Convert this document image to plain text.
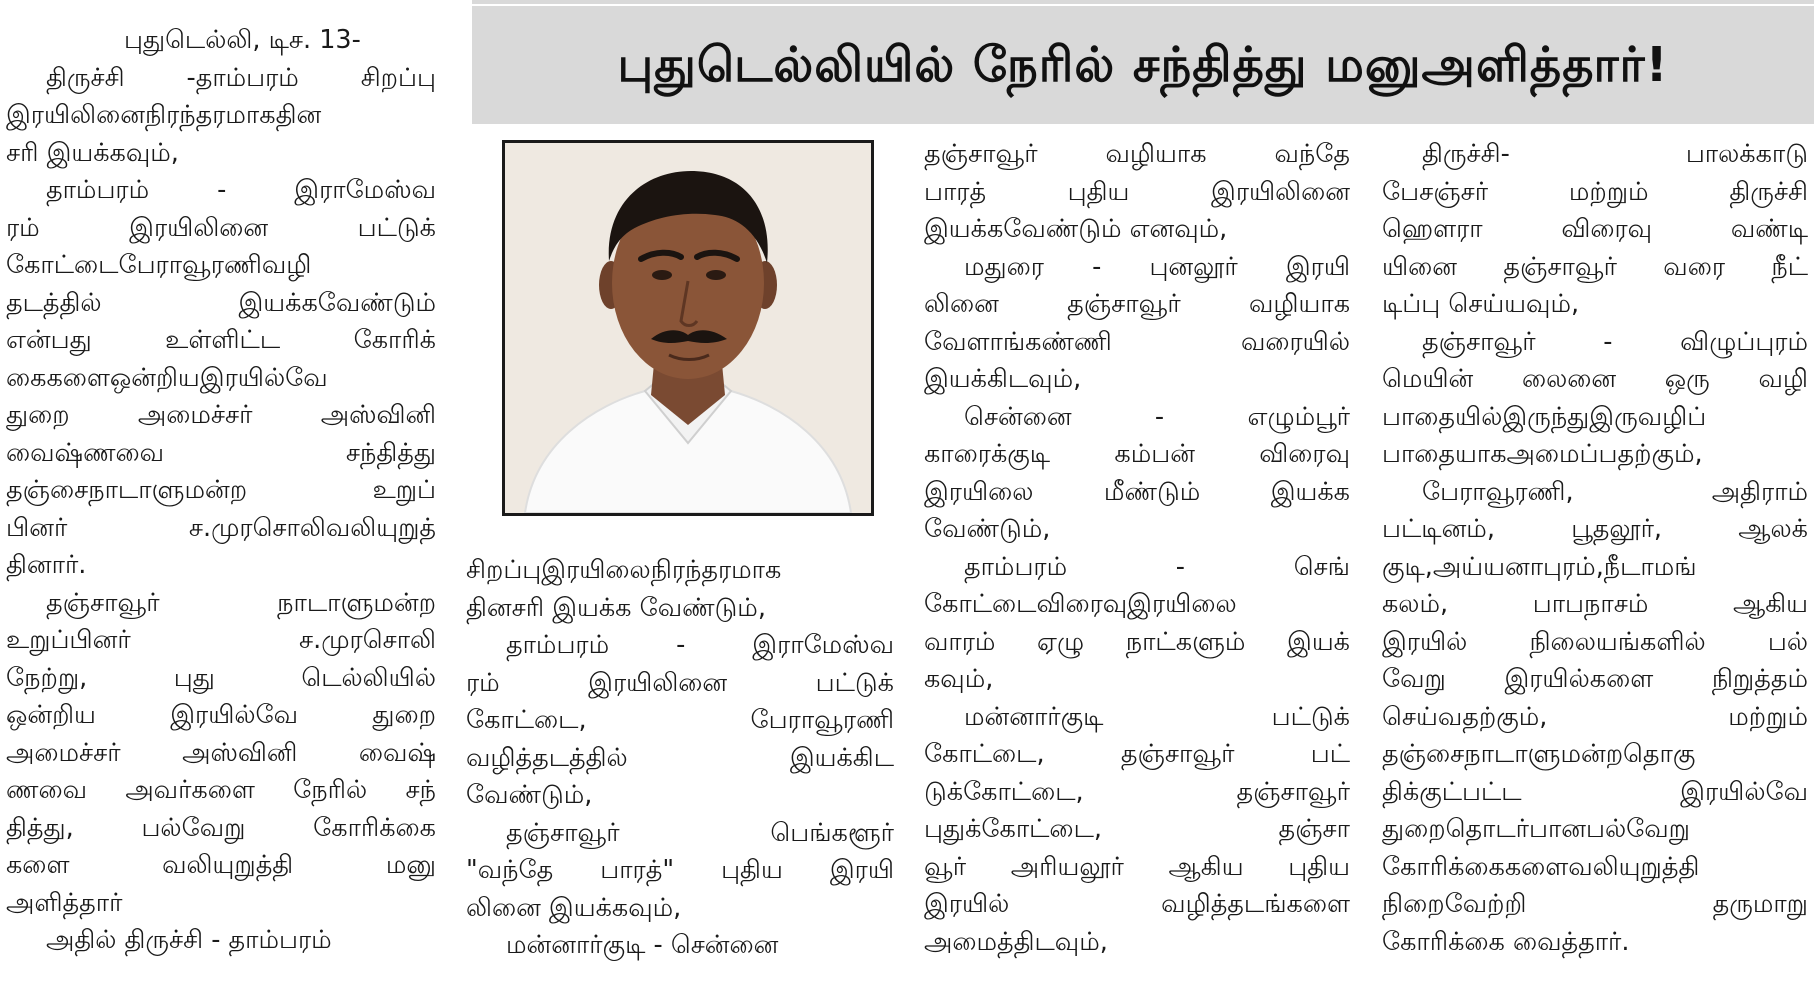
புதுடெல்லியில் நேரில் சந்தித்து மனுஅளித்தார்!

புதுடெல்லி, டிச. 13-

திருச்சி -தாம்பரம் சிறப்பு

இரயிலினைநிரந்தரமாகதின

சரி இயக்கவும்,

தாம்பரம் - இராமேஸ்வ

ரம் இரயிலினை பட்டுக்

கோட்டைபேராவூரணிவழி

தடத்தில் இயக்கவேண்டும்

என்பது உள்ளிட்ட கோரிக்

கைகளைஒன்றியஇரயில்வே

துறை அமைச்சர் அஸ்வினி

வைஷ்ணவை சந்தித்து

தஞ்சைநாடாளுமன்ற உறுப்

பினர் ச.முரசொலிவலியுறுத்

தினார்.

தஞ்சாவூர் நாடாளுமன்ற

உறுப்பினர் ச.முரசொலி

நேற்று, புது டெல்லியில்

ஒன்றிய இரயில்வே துறை

அமைச்சர் அஸ்வினி வைஷ்

ணவை அவர்களை நேரில் சந்

தித்து, பல்வேறு கோரிக்கை

களை வலியுறுத்தி மனு

அளித்தார்

அதில் திருச்சி - தாம்பரம்

சிறப்புஇரயிலைநிரந்தரமாக

தினசரி இயக்க வேண்டும்,

தாம்பரம் - இராமேஸ்வ

ரம் இரயிலினை பட்டுக்

கோட்டை, பேராவூரணி

வழித்தடத்தில் இயக்கிட

வேண்டும்,

தஞ்சாவூர் பெங்களூர்

"வந்தே பாரத்" புதிய இரயி

லினை இயக்கவும்,

மன்னார்குடி - சென்னை

தஞ்சாவூர் வழியாக வந்தே

பாரத் புதிய இரயிலினை

இயக்கவேண்டும் எனவும்,

மதுரை - புனலூர் இரயி

லினை தஞ்சாவூர் வழியாக

வேளாங்கண்ணி வரையில்

இயக்கிடவும்,

சென்னை - எழும்பூர்

காரைக்குடி கம்பன் விரைவு

இரயிலை மீண்டும் இயக்க

வேண்டும்,

தாம்பரம் - செங்

கோட்டைவிரைவுஇரயிலை

வாரம் ஏழு நாட்களும் இயக்

கவும்,

மன்னார்குடி பட்டுக்

கோட்டை, தஞ்சாவூர் பட்

டுக்கோட்டை, தஞ்சாவூர்

புதுக்கோட்டை, தஞ்சா

வூர் அரியலூர் ஆகிய புதிய

இரயில் வழித்தடங்களை

அமைத்திடவும்,

திருச்சி- பாலக்காடு

பேசஞ்சர் மற்றும் திருச்சி

ஹௌரா விரைவு வண்டி

யினை தஞ்சாவூர் வரை நீட்

டிப்பு செய்யவும்,

தஞ்சாவூர் - விழுப்புரம்

மெயின் லைனை ஒரு வழி

பாதையில்இருந்துஇருவழிப்

பாதையாகஅமைப்பதற்கும்,

பேராவூரணி, அதிராம்

பட்டினம், பூதலூர், ஆலக்

குடி,அய்யனாபுரம்,நீடாமங்

கலம், பாபநாசம் ஆகிய

இரயில் நிலையங்களில் பல்

வேறு இரயில்களை நிறுத்தம்

செய்வதற்கும், மற்றும்

தஞ்சைநாடாளுமன்றதொகு

திக்குட்பட்ட இரயில்வே

துறைதொடர்பானபல்வேறு

கோரிக்கைகளைவலியுறுத்தி

நிறைவேற்றி தருமாறு

கோரிக்கை வைத்தார்.
